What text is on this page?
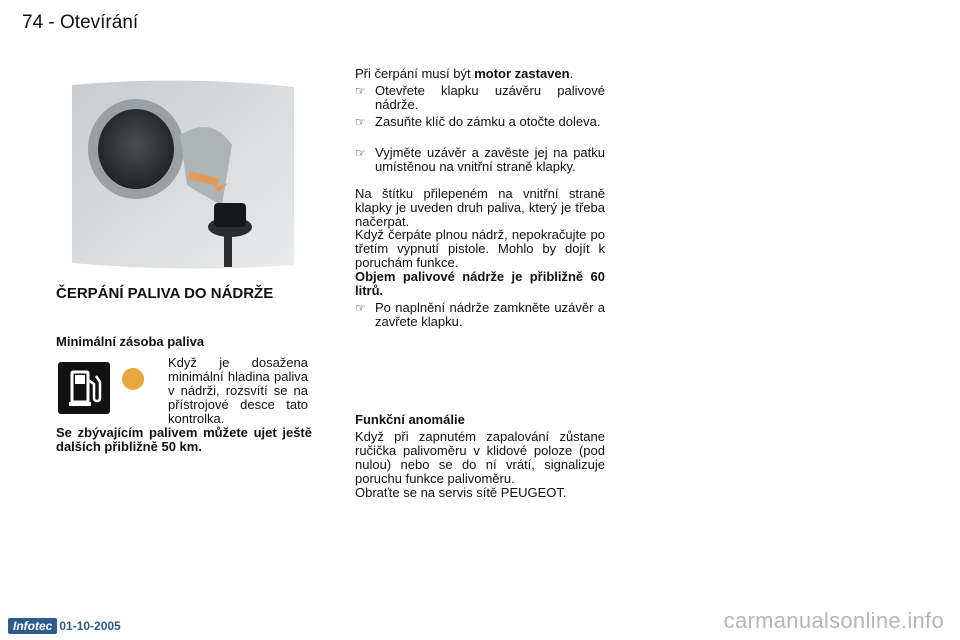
74 - Otevírání
ČERPÁNÍ PALIVA DO NÁDRŽE
Minimální zásoba paliva
Když je dosažena minimální hladina paliva v nádrži, rozsvítí se na přístrojové desce tato kontrolka.
Se zbývajícím palivem můžete ujet ještě dalších přibližně 50 km.
Při čerpání musí být motor zastaven.
☞ Otevřete klapku uzávěru palivové nádrže.
☞ Zasuňte klíč do zámku a otočte doleva.
☞ Vyjměte uzávěr a zavěste jej na patku umístěnou na vnitřní straně klapky.
Na štítku přilepeném na vnitřní straně klapky je uveden druh paliva, který je třeba načerpat.
Když čerpáte plnou nádrž, nepokračujte po třetím vypnutí pistole. Mohlo by dojít k poruchám funkce.
Objem palivové nádrže je přibližně 60 litrů.
☞ Po naplnění nádrže zamkněte uzávěr a zavřete klapku.
Funkční anomálie
Když při zapnutém zapalování zůstane ručička palivoměru v klidové poloze (pod nulou) nebo se do ní vrátí, signalizuje poruchu funkce palivoměru.
Obraťte se na servis sítě PEUGEOT.
Infotec 01-10-2005	carmanualsonline.info
